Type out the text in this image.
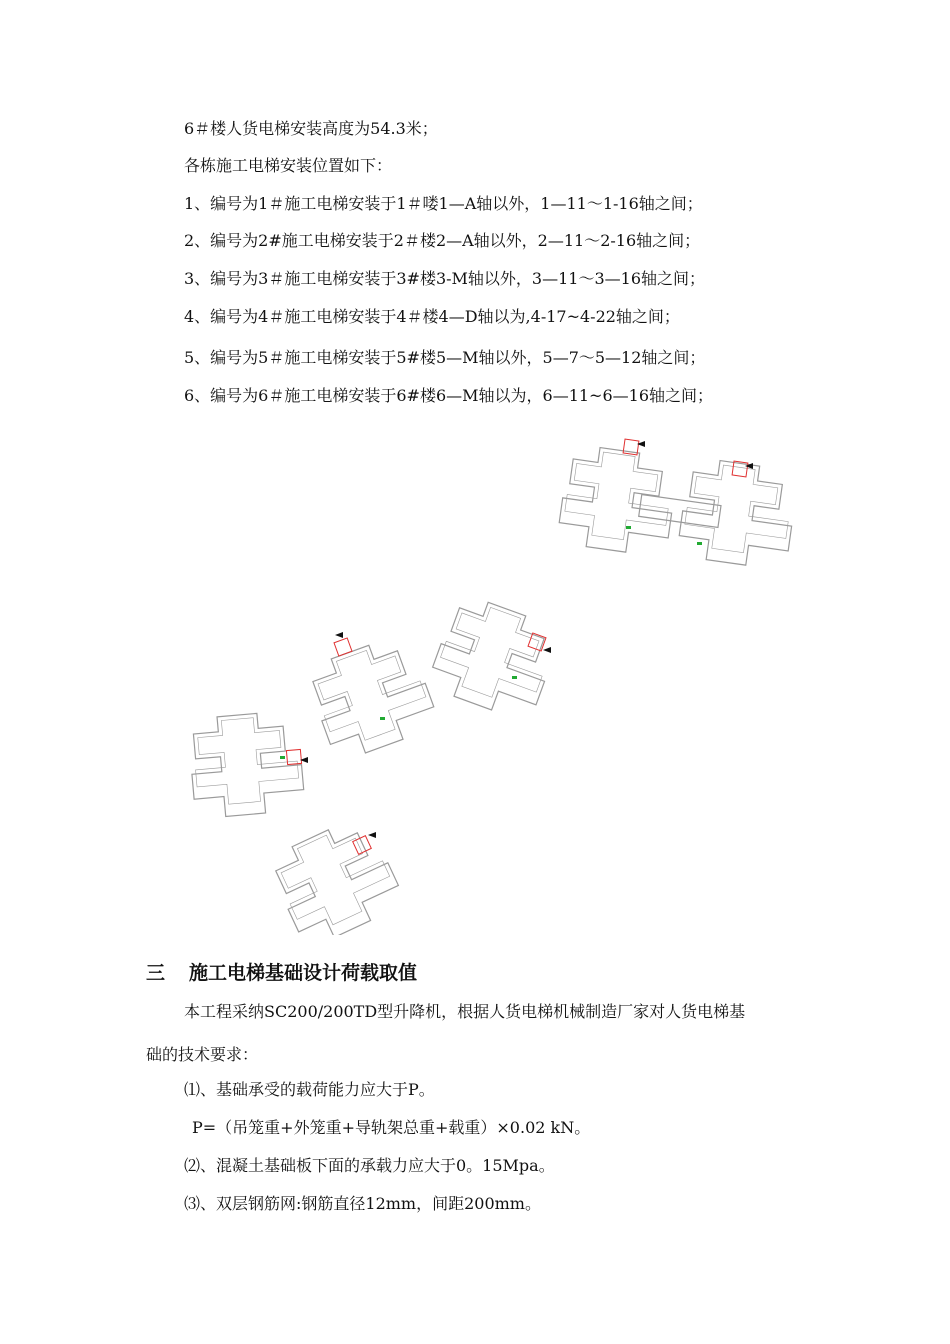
6＃楼人货电梯安装高度为54.3米；
各栋施工电梯安装位置如下：
1、编号为1＃施工电梯安装于1＃喽1—A轴以外，1—11～1-16轴之间；
2、编号为2#施工电梯安装于2＃楼2—A轴以外，2—11～2-16轴之间；
3、编号为3＃施工电梯安装于3#楼3-M轴以外，3—11～3—16轴之间；
4、编号为4＃施工电梯安装于4＃楼4—D轴以为,4-17~4-22轴之间；
5、编号为5＃施工电梯安装于5#楼5—M轴以外，5—7～5—12轴之间；
6、编号为6＃施工电梯安装于6#楼6—M轴以为，6—11~6—16轴之间；
三 施工电梯基础设计荷载取值
本工程采纳SC200/200TD型升降机，根据人货电梯机械制造厂家对人货电梯基
础的技术要求：
⑴、基础承受的载荷能力应大于P。
P=（吊笼重+外笼重+导轨架总重+载重）×0.02 kN。
⑵、混凝土基础板下面的承载力应大于0。15Mpa。
⑶、双层钢筋网:钢筋直径12mm，间距200mm。
